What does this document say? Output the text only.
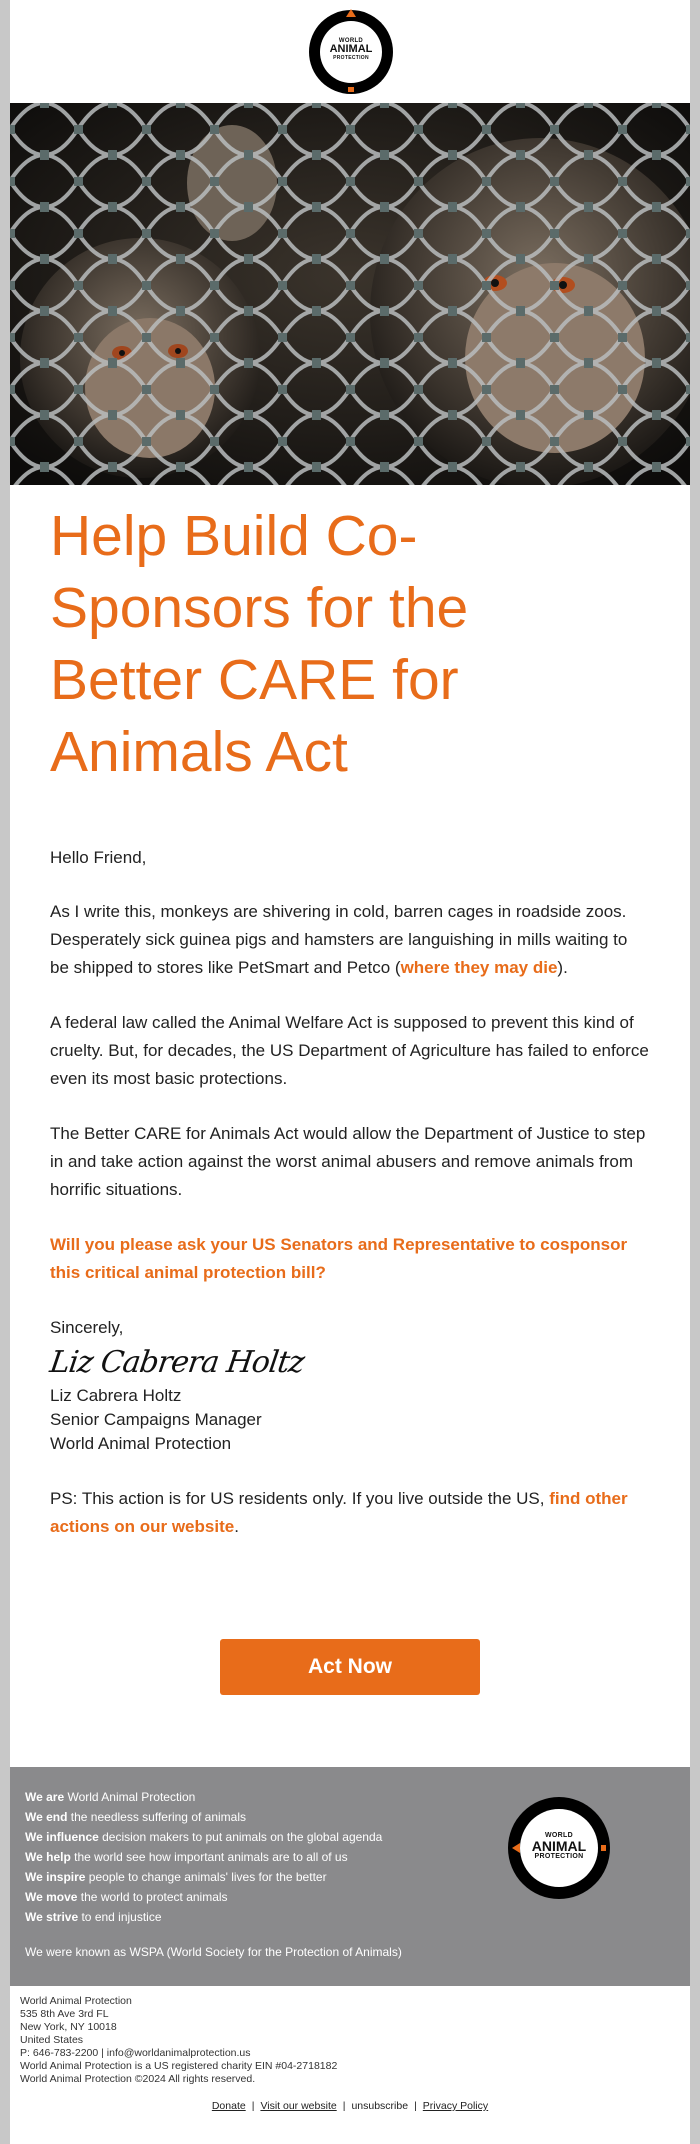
WORLD
ANIMAL
PROTECTION
Help Build Co-Sponsors for the Better CARE for Animals Act

Hello Friend,

As I write this, monkeys are shivering in cold, barren cages in roadside zoos. Desperately sick guinea pigs and hamsters are languishing in mills waiting to be shipped to stores like PetSmart and Petco (where they may die).

A federal law called the Animal Welfare Act is supposed to prevent this kind of cruelty. But, for decades, the US Department of Agriculture has failed to enforce even its most basic protections.

The Better CARE for Animals Act would allow the Department of Justice to step in and take action against the worst animal abusers and remove animals from horrific situations.

Will you please ask your US Senators and Representative to cosponsor this critical animal protection bill?

Sincerely,

Liz Cabrera Holtz

Liz Cabrera Holtz

Senior Campaigns Manager

World Animal Protection

PS: This action is for US residents only. If you live outside the US, find other actions on our website.

Act Now
We are World Animal Protection
We end the needless suffering of animals
We influence decision makers to put animals on the global agenda
We help the world see how important animals are to all of us
We inspire people to change animals' lives for the better
We move the world to protect animals
We strive to end injustice
We were known as WSPA (World Society for the Protection of Animals)
WORLD
ANIMAL
PROTECTION
World Animal Protection
535 8th Ave 3rd FL
New York, NY 10018
United States
P: 646-783-2200 | info@worldanimalprotection.us
World Animal Protection is a US registered charity EIN #04-2718182
World Animal Protection ©2024 All rights reserved.
Donate | Visit our website | unsubscribe | Privacy Policy
